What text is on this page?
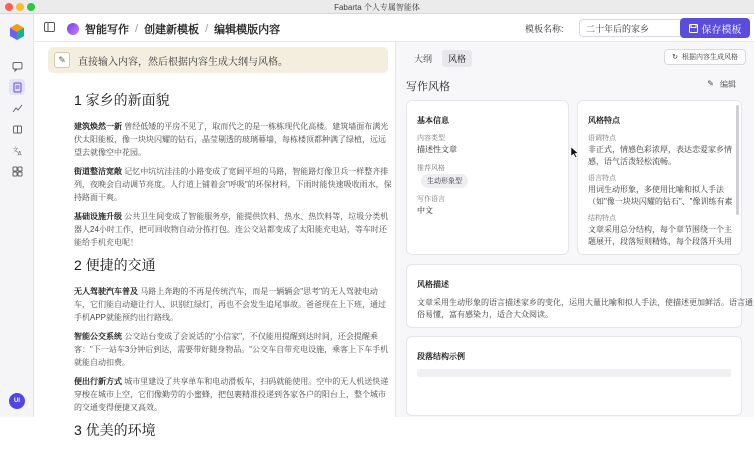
Fabarta 个人专属智能体
文
A
UI
智能写作 / 创建新模板 / 编辑模版内容	模板名称:
二十年后的家乡	保存模板
✎	直接输入内容，然后根据内容生成大纲与风格。
1 家乡的新面貌

建筑焕然一新 曾经低矮的平房不见了，取而代之的是一栋栋现代化高楼。建筑墙面布满光伏太阳能板，像一块块闪耀的钻石，晶莹剔透的玻璃幕墙，每栋楼顶都种满了绿植，远远望去就像空中花园。

街道整洁宽敞 记忆中坑坑洼洼的小路变成了宽阔平坦的马路，智能路灯像卫兵一样整齐排列，夜晚会自动调节亮度。人行道上铺着会"呼吸"的环保材料，下雨时能快速吸收雨水，保持路面干爽。

基础设施升级 公共卫生间变成了智能服务亭，能提供饮料、热水、热饮料等，垃圾分类机器人24小时工作，把可回收物自动分拣打包。连公交站都变成了太阳能充电站，等车时还能给手机充电呢！

2 便捷的交通

无人驾驶汽车普及 马路上奔跑的不再是传统汽车，而是一辆辆会"思考"的无人驾驶电动车，它们能自动避让行人、识别红绿灯，再也不会发生追尾事故。爸爸现在上下班，通过手机APP就能预约出行路线。

智能公交系统 公交站台变成了会说话的"小信家"，不仅能用提醒到达时间，还会提醒乘客："下一站车3分钟后到达，需要带好随身物品。"公交车自带充电设施，乘客上下车手机就能自动扣费。

便出行新方式 城市里建设了共享单车和电动滑板车，扫码就能使用。空中的无人机送快递穿梭在城市上空，它们像勤劳的小蜜蜂，把包裹精准投递到各家各户的阳台上，整个城市的交通变得便捷又高效。

3 优美的环境
大纲	风格	↻ 根据内容生成风格
写作风格	✎ 编辑
基本信息
内容类型
描述性文章
推荐风格
生动形象型
写作语言
中文
风格特点
语调特点
非正式，情感色彩浓厚，表达恋爱家乡情
感，语气活泼轻松流畅。
语言特点
用词生动形象，多使用比喻和拟人手法
（如"像一块块闪耀的钻石"、"像训练有素
结构特点
文章采用总分结构，每个章节围绕一个主
题展开，段落短则精炼，每个段落开头用
风格描述
文章采用生动形象的语言描述家乡的变化，运用大量比喻和拟人手法，使描述更加鲜活。语言通
俗易懂，富有感染力，适合大众阅读。
段落结构示例
